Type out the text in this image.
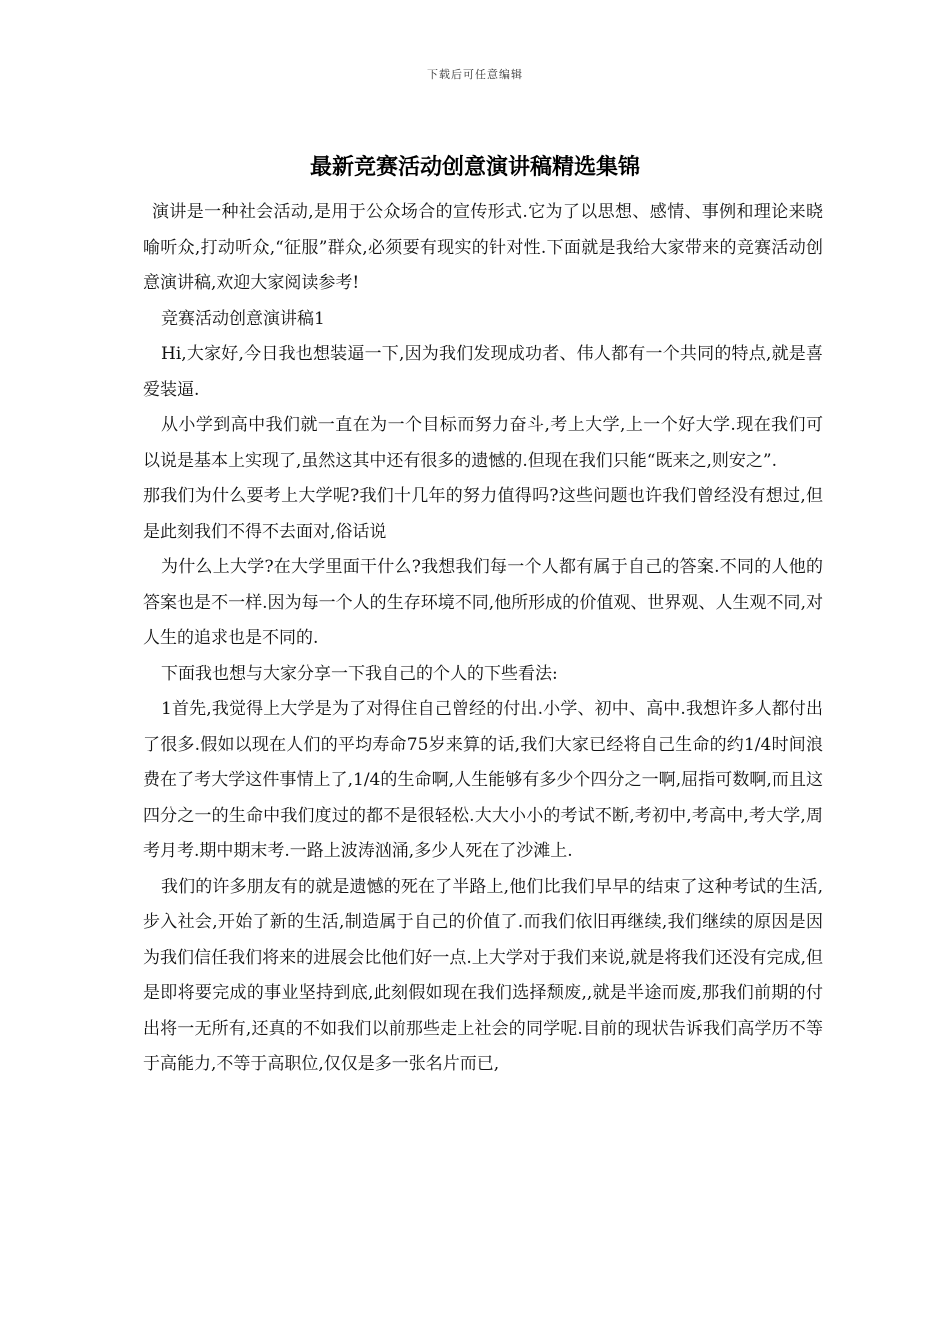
下载后可任意编辑
最新竞赛活动创意演讲稿精选集锦

演讲是一种社会活动,是用于公众场合的宣传形式.它为了以思想、感情、事例和理论来晓喻听众,打动听众,“征服”群众,必须要有现实的针对性.下面就是我给大家带来的竞赛活动创意演讲稿,欢迎大家阅读参考!

竞赛活动创意演讲稿1

Hi,大家好,今日我也想装逼一下,因为我们发现成功者、伟人都有一个共同的特点,就是喜爱装逼.

从小学到高中我们就一直在为一个目标而努力奋斗,考上大学,上一个好大学.现在我们可以说是基本上实现了,虽然这其中还有很多的遗憾的.但现在我们只能“既来之,则安之”.

那我们为什么要考上大学呢?我们十几年的努力值得吗?这些问题也许我们曾经没有想过,但是此刻我们不得不去面对,俗话说

为什么上大学?在大学里面干什么?我想我们每一个人都有属于自己的答案.不同的人他的答案也是不一样.因为每一个人的生存环境不同,他所形成的价值观、世界观、人生观不同,对人生的追求也是不同的.

下面我也想与大家分享一下我自己的个人的下些看法:

1首先,我觉得上大学是为了对得住自己曾经的付出.小学、初中、高中.我想许多人都付出了很多.假如以现在人们的平均寿命75岁来算的话,我们大家已经将自己生命的约1/4时间浪费在了考大学这件事情上了,1/4的生命啊,人生能够有多少个四分之一啊,屈指可数啊,而且这四分之一的生命中我们度过的都不是很轻松.大大小小的考试不断,考初中,考高中,考大学,周考月考.期中期末考.一路上波涛汹涌,多少人死在了沙滩上.

我们的许多朋友有的就是遗憾的死在了半路上,他们比我们早早的结束了这种考试的生活,步入社会,开始了新的生活,制造属于自己的价值了.而我们依旧再继续,我们继续的原因是因为我们信任我们将来的进展会比他们好一点.上大学对于我们来说,就是将我们还没有完成,但是即将要完成的事业坚持到底,此刻假如现在我们选择颓废,,就是半途而废,那我们前期的付出将一无所有,还真的不如我们以前那些走上社会的同学呢.目前的现状告诉我们高学历不等于高能力,不等于高职位,仅仅是多一张名片而已,
